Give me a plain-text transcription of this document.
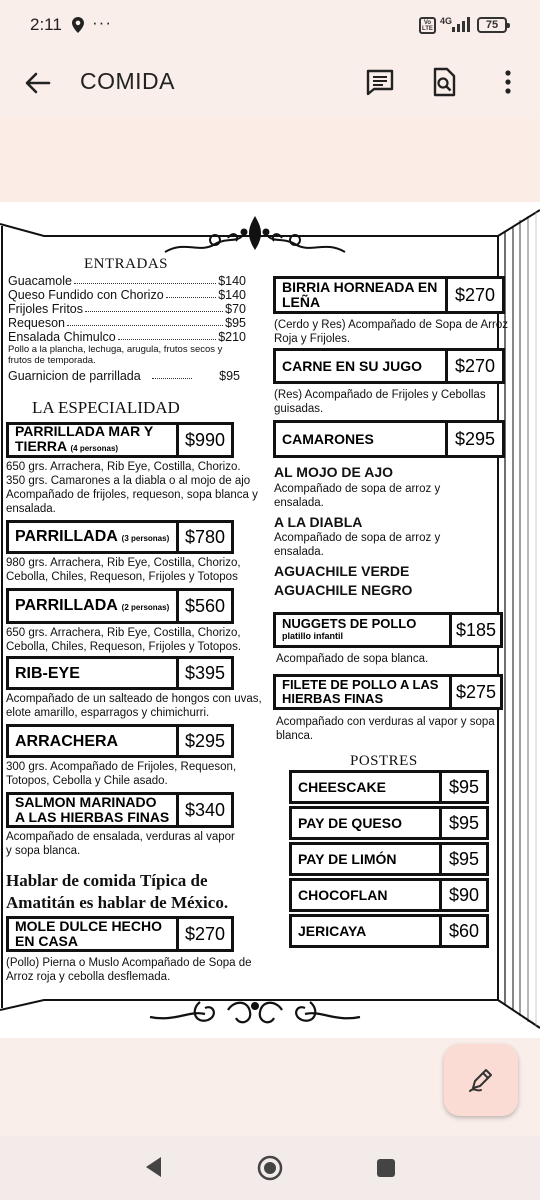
2:11 ···	Vo LTE
4G	75
COMIDA
ENTRADAS
Guacamole	$140
Queso Fundido con Chorizo	$140
Frijoles Fritos	$70
Requeson	$95
Ensalada Chimulco	$210
Pollo a la plancha, lechuga, arugula, frutos secos y frutos de temporada.
Guarnicion de parrillada	$95
LA ESPECIALIDAD
PARRILLADA MAR Y TIERRA (4 personas)	$990
650 grs. Arrachera, Rib Eye, Costilla, Chorizo. 350 grs. Camarones a la diabla o al mojo de ajo Acompañado de frijoles, requeson, sopa blanca y ensalada.
PARRILLADA (3 personas) $780
980 grs. Arrachera, Rib Eye, Costilla, Chorizo, Cebolla, Chiles, Requeson, Frijoles y Totopos
PARRILLADA (2 personas) $560
650 grs. Arrachera, Rib Eye, Costilla, Chorizo, Cebolla, Chiles, Requeson, Frijoles y Totopos.
RIB-EYE	$395
Acompañado de un salteado de hongos con uvas, elote amarillo, esparragos y chimichurri.
ARRACHERA	$295
300 grs. Acompañado de Frijoles, Requeson, Totopos, Cebolla y Chile asado.
SALMON MARINADO A LAS HIERBAS FINAS $340
Acompañado de ensalada, verduras al vapor y sopa blanca.
Hablar de comida Típica de Amatitán es hablar de México.
MOLE DULCE HECHO EN CASA	$270
(Pollo) Pierna o Muslo Acompañado de Sopa de Arroz roja y cebolla desflemada.
BIRRIA HORNEADA EN LEÑA	$270
(Cerdo y Res) Acompañado de Sopa de Arroz Roja y Frijoles.
CARNE EN SU JUGO	$270
(Res) Acompañado de Frijoles y Cebollas guisadas.
CAMARONES	$295
AL MOJO DE AJO
Acompañado de sopa de arroz y ensalada.
A LA DIABLA
Acompañado de sopa de arroz y ensalada.
AGUACHILE VERDE
AGUACHILE NEGRO
NUGGETS DE POLLO
platillo infantil	$185
Acompañado de sopa blanca.
FILETE DE POLLO A LAS HIERBAS FINAS	$275
Acompañado con verduras al vapor y sopa blanca.
POSTRES
CHEESCAKE	$95
PAY DE QUESO	$95
PAY DE LIMÓN	$95
CHOCOFLAN	$90
JERICAYA	$60
